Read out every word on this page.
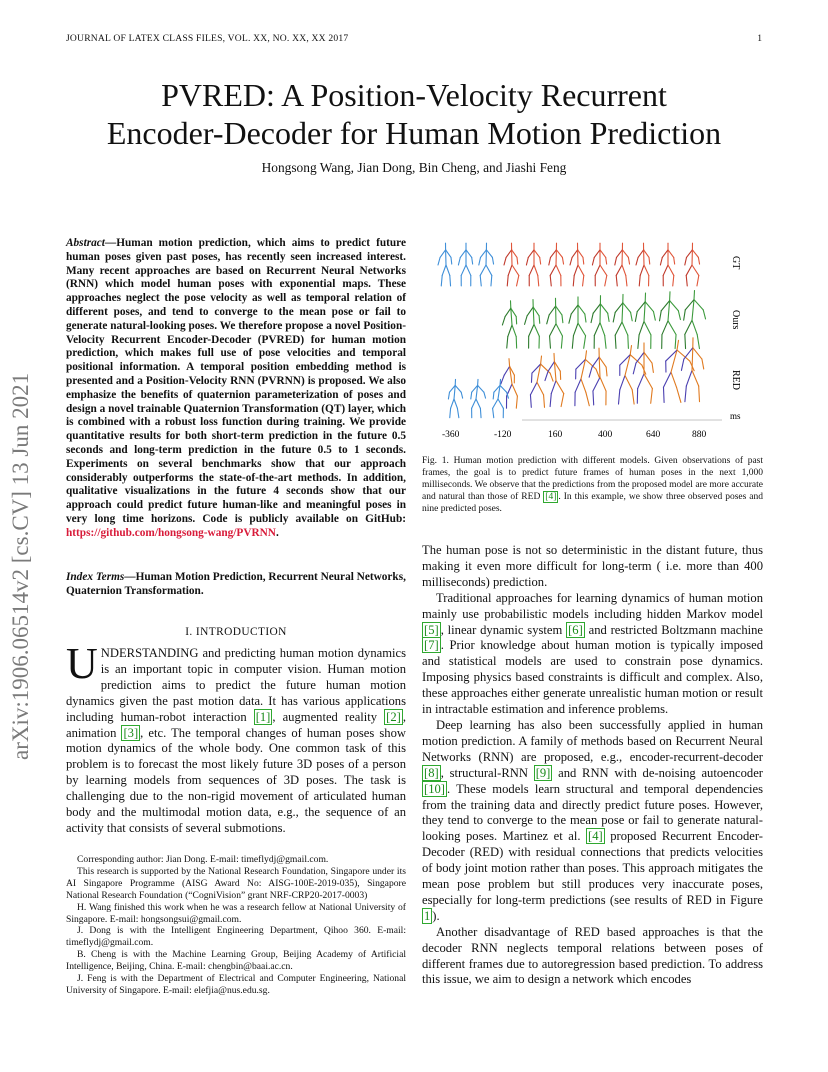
JOURNAL OF LATEX CLASS FILES, VOL. XX, NO. XX, XX 2017	1
PVRED: A Position-Velocity Recurrent
Encoder-Decoder for Human Motion Prediction
Hongsong Wang, Jian Dong, Bin Cheng, and Jiashi Feng
arXiv:1906.06514v2 [cs.CV] 13 Jun 2021
Abstract—Human motion prediction, which aims to predict future human poses given past poses, has recently seen increased interest. Many recent approaches are based on Recurrent Neural Networks (RNN) which model human poses with exponential maps. These approaches neglect the pose velocity as well as temporal relation of different poses, and tend to converge to the mean pose or fail to generate natural-looking poses. We therefore propose a novel Position-Velocity Recurrent Encoder-Decoder (PVRED) for human motion prediction, which makes full use of pose velocities and temporal positional information. A temporal position embedding method is presented and a Position-Velocity RNN (PVRNN) is proposed. We also emphasize the benefits of quaternion parameterization of poses and design a novel trainable Quaternion Transformation (QT) layer, which is combined with a robust loss function during training. We provide quantitative results for both short-term prediction in the future 0.5 seconds and long-term prediction in the future 0.5 to 1 seconds. Experiments on several benchmarks show that our approach considerably outperforms the state-of-the-art methods. In addition, qualitative visualizations in the future 4 seconds show that our approach could predict future human-like and meaningful poses in very long time horizons. Code is publicly available on GitHub: https://github.com/hongsong-wang/PVRNN.
Index Terms—Human Motion Prediction, Recurrent Neural Networks, Quaternion Transformation.
I. INTRODUCTION
UNDERSTANDING and predicting human motion dynamics is an important topic in computer vision. Human motion prediction aims to predict the future human motion dynamics given the past motion data. It has various applications including human-robot interaction [1] , augmented reality [2] , animation [3] , etc. The temporal changes of human poses show motion dynamics of the whole body. One common task of this problem is to forecast the most likely future 3D poses of a person by learning models from sequences of 3D poses. The task is challenging due to the non-rigid movement of articulated human body and the multimodal motion data, e.g., the sequence of an activity that consists of several submotions.

Corresponding author: Jian Dong. E-mail: timeflydj@gmail.com.

This research is supported by the National Research Foundation, Singapore under its AI Singapore Programme (AISG Award No: AISG-100E-2019-035), Singapore National Research Foundation (“CogniVision” grant NRF-CRP20-2017-0003)

H. Wang finished this work when he was a research fellow at National University of Singapore. E-mail: hongsongsui@gmail.com.

J. Dong is with the Intelligent Engineering Department, Qihoo 360. E-mail: timeflydj@gmail.com.

B. Cheng is with the Machine Learning Group, Beijing Academy of Artificial Intelligence, Beijing, China. E-mail: chengbin@baai.ac.cn.

J. Feng is with the Department of Electrical and Computer Engineering, National University of Singapore. E-mail: elefjia@nus.edu.sg.

GT
Ours
RED
ms
-360	-120	160	400	640	880
Fig. 1. Human motion prediction with different models. Given observations of past frames, the goal is to predict future frames of human poses in the next 1,000 milliseconds. We observe that the predictions from the proposed model are more accurate and natural than those of RED [4] . In this example, we show three observed poses and nine predicted poses.

The human pose is not so deterministic in the distant future, thus making it even more difficult for long-term ( i.e. more than 400 milliseconds) prediction.

Traditional approaches for learning dynamics of human motion mainly use probabilistic models including hidden Markov model [5] , linear dynamic system [6] and restricted Boltzmann machine [7] . Prior knowledge about human motion is typically imposed and statistical models are used to constrain pose dynamics. Imposing physics based constraints is difficult and complex. Also, these approaches either generate unrealistic human motion or result in intractable estimation and inference problems.

Deep learning has also been successfully applied in human motion prediction. A family of methods based on Recurrent Neural Networks (RNN) are proposed, e.g., encoder-recurrent-decoder [8] , structural-RNN [9] and RNN with de-noising autoencoder [10] . These models learn structural and temporal dependencies from the training data and directly predict future poses. However, they tend to converge to the mean pose or fail to generate natural-looking poses. Martinez et al. [4] proposed Recurrent Encoder-Decoder (RED) with residual connections that predicts velocities of body joint motion rather than poses. This approach mitigates the mean pose problem but still produces very inaccurate poses, especially for long-term predictions (see results of RED in Figure 1 ).

Another disadvantage of RED based approaches is that the decoder RNN neglects temporal relations between poses of different frames due to autoregression based prediction. To address this issue, we aim to design a network which encodes
